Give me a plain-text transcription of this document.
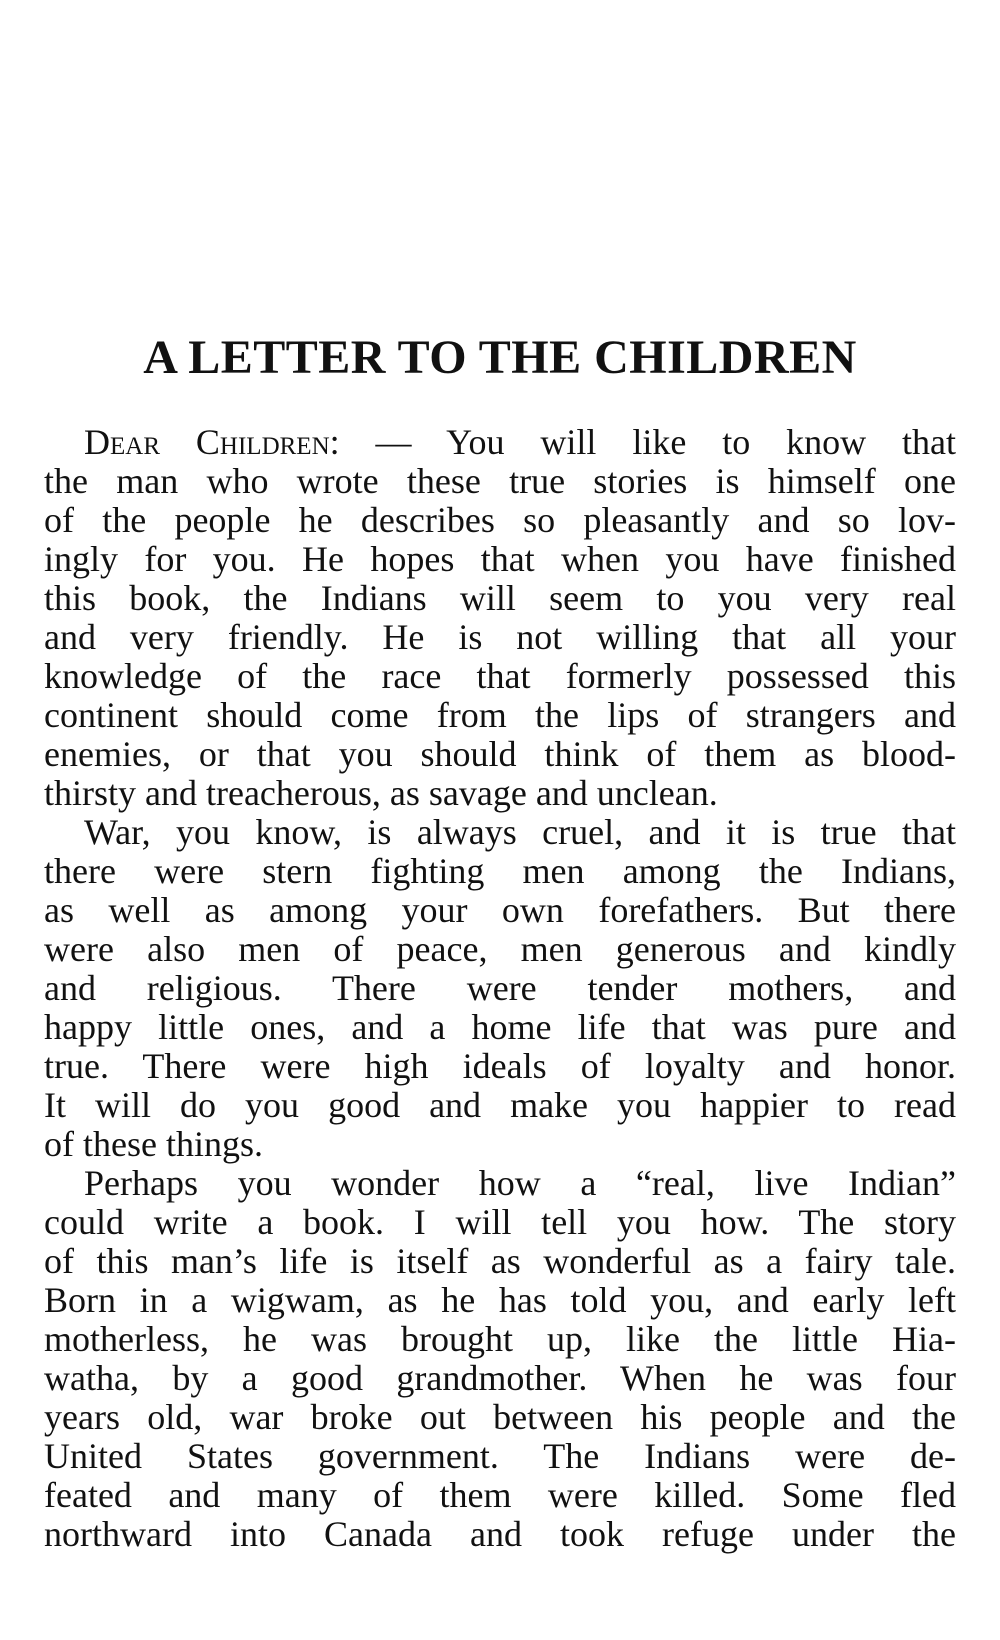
A LETTER TO THE CHILDREN
Dear Children: — You will like to know that
the man who wrote these true stories is himself one
of the people he describes so pleasantly and so lov-
ingly for you. He hopes that when you have finished
this book, the Indians will seem to you very real
and very friendly. He is not willing that all your
knowledge of the race that formerly possessed this
continent should come from the lips of strangers and
enemies, or that you should think of them as blood-
thirsty and treacherous, as savage and unclean.
War, you know, is always cruel, and it is true that
there were stern fighting men among the Indians,
as well as among your own forefathers. But there
were also men of peace, men generous and kindly
and religious. There were tender mothers, and
happy little ones, and a home life that was pure and
true. There were high ideals of loyalty and honor.
It will do you good and make you happier to read
of these things.
Perhaps you wonder how a “real, live Indian”
could write a book. I will tell you how. The story
of this man’s life is itself as wonderful as a fairy tale.
Born in a wigwam, as he has told you, and early left
motherless, he was brought up, like the little Hia-
watha, by a good grandmother. When he was four
years old, war broke out between his people and the
United States government. The Indians were de-
feated and many of them were killed. Some fled
northward into Canada and took refuge under the
